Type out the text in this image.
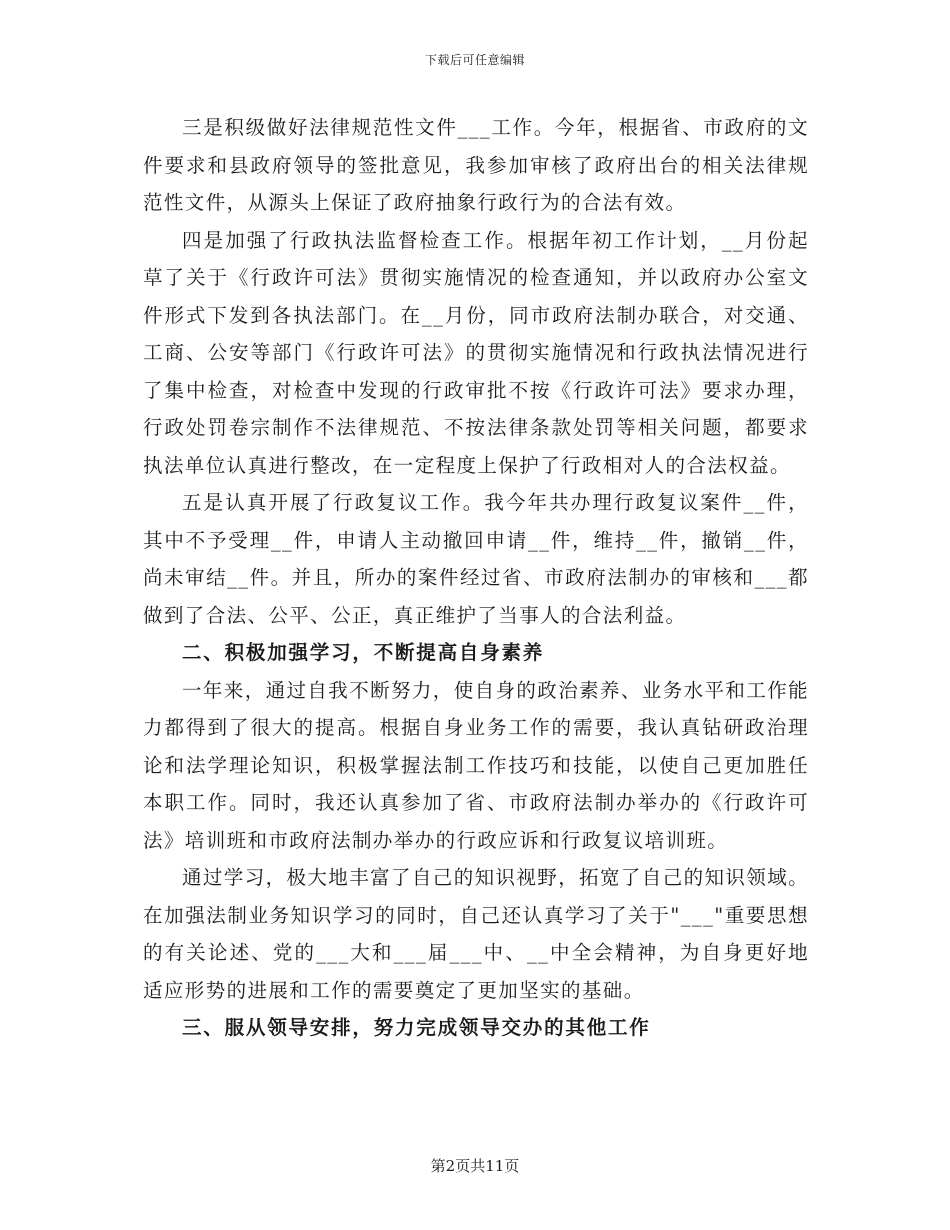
下载后可任意编辑

三是积级做好法律规范性文件___工作。今年，根据省、市政府的文件要求和县政府领导的签批意见，我参加审核了政府出台的相关法律规范性文件，从源头上保证了政府抽象行政行为的合法有效。

四是加强了行政执法监督检查工作。根据年初工作计划，__月份起草了关于《行政许可法》贯彻实施情况的检查通知，并以政府办公室文件形式下发到各执法部门。在__月份，同市政府法制办联合，对交通、工商、公安等部门《行政许可法》的贯彻实施情况和行政执法情况进行了集中检查，对检查中发现的行政审批不按《行政许可法》要求办理，行政处罚卷宗制作不法律规范、不按法律条款处罚等相关问题，都要求执法单位认真进行整改，在一定程度上保护了行政相对人的合法权益。

五是认真开展了行政复议工作。我今年共办理行政复议案件__件，其中不予受理__件，申请人主动撤回申请__件，维持__件，撤销__件，尚未审结__件。并且，所办的案件经过省、市政府法制办的审核和___都做到了合法、公平、公正，真正维护了当事人的合法利益。

二、积极加强学习，不断提高自身素养

一年来，通过自我不断努力，使自身的政治素养、业务水平和工作能力都得到了很大的提高。根据自身业务工作的需要，我认真钻研政治理论和法学理论知识，积极掌握法制工作技巧和技能，以使自己更加胜任本职工作。同时，我还认真参加了省、市政府法制办举办的《行政许可法》培训班和市政府法制办举办的行政应诉和行政复议培训班。

通过学习，极大地丰富了自己的知识视野，拓宽了自己的知识领域。在加强法制业务知识学习的同时，自己还认真学习了关于"___"重要思想的有关论述、党的___大和___届___中、__中全会精神，为自身更好地适应形势的进展和工作的需要奠定了更加坚实的基础。

三、服从领导安排，努力完成领导交办的其他工作

第2页共11页
